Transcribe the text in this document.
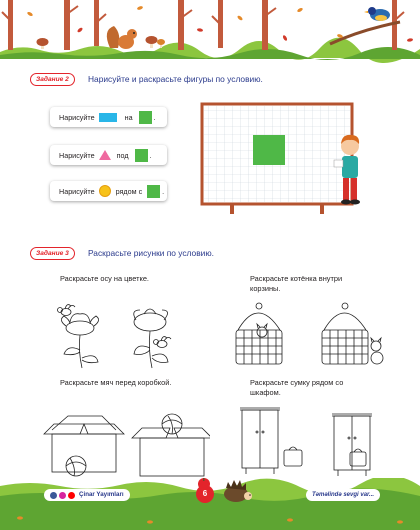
Задание 2	Нарисуйте и раскрасьте фигуры по условию.
Нарисуйте	на	.
Нарисуйте	под	.
Нарисуйте	рядом с	.
Задание 3	Раскрасьте рисунки по условию.
Раскрасьте осу на цветке.	Раскрасьте котёнка внутри корзины.
Раскрасьте мяч перед коробкой.	Раскрасьте сумку рядом со шкафом.
Çinar Yayımları	6	Təməlində sevgi var...
